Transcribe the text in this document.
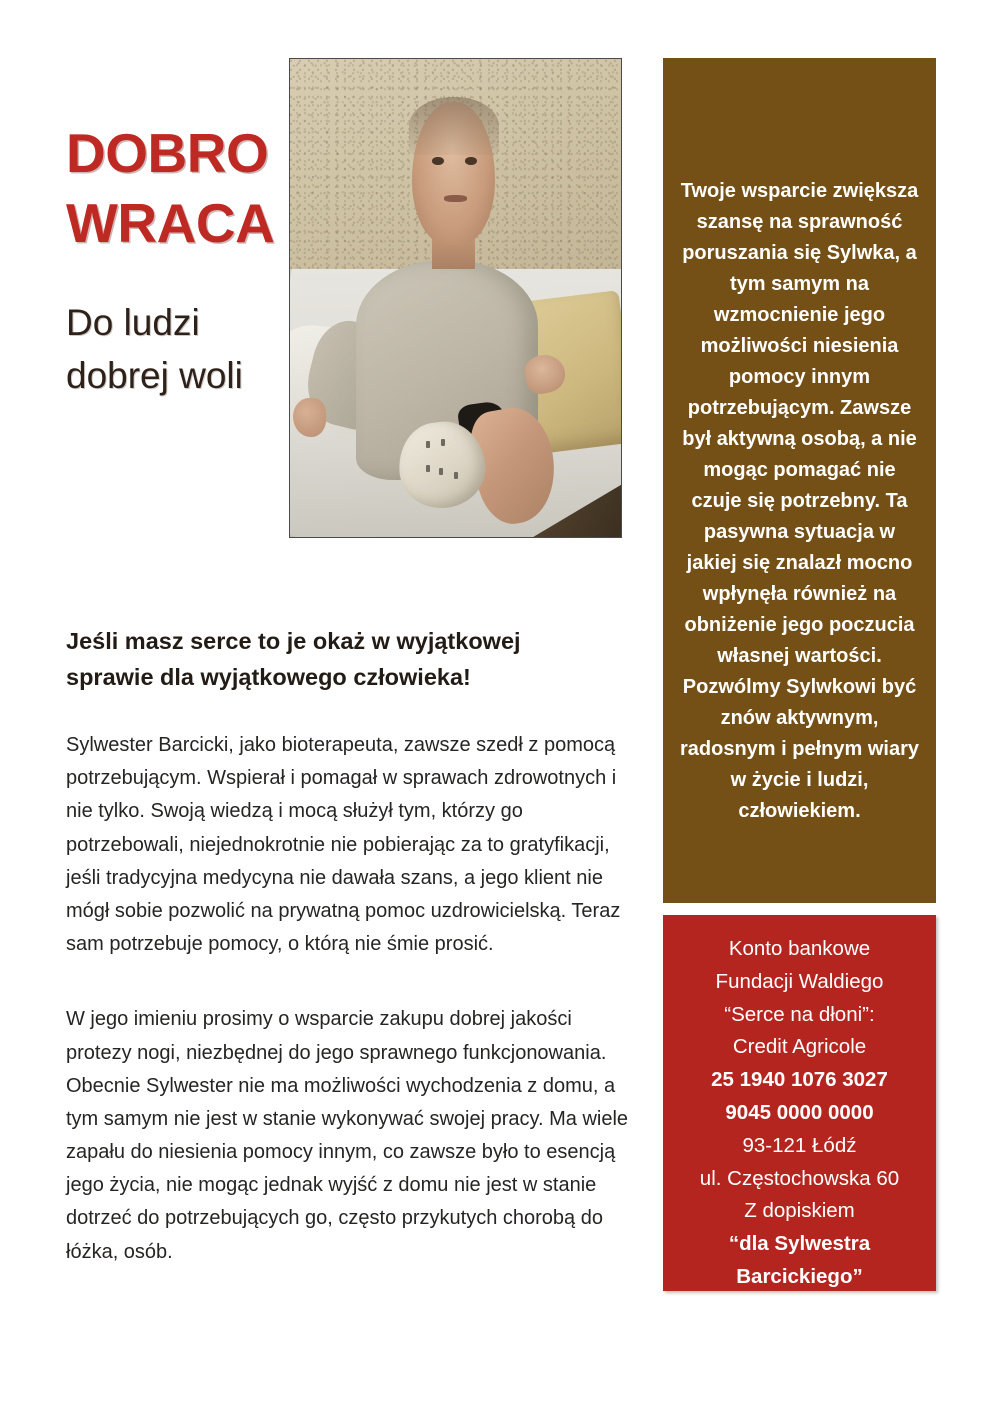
DOBRO
WRACA
Do ludzi dobrej woli
Jeśli masz serce to je okaż w wyjątkowej sprawie dla wyjątkowego człowieka!

Sylwester Barcicki, jako bioterapeuta, zawsze szedł z pomocą potrzebującym. Wspierał i pomagał w sprawach zdrowotnych i nie tylko. Swoją wiedzą i mocą służył tym, którzy go potrzebowali, niejednokrotnie nie pobierając za to gratyfikacji, jeśli tradycyjna medycyna nie dawała szans, a jego klient nie mógł sobie pozwolić na prywatną pomoc uzdrowicielską. Teraz sam potrzebuje pomocy, o którą nie śmie prosić.

W jego imieniu prosimy o wsparcie zakupu dobrej jakości protezy nogi, niezbędnej do jego sprawnego funkcjonowania. Obecnie Sylwester nie ma możliwości wychodzenia z domu, a tym samym nie jest w stanie wykonywać swojej pracy. Ma wiele zapału do niesienia pomocy innym, co zawsze było to esencją jego życia, nie mogąc jednak wyjść z domu nie jest w stanie dotrzeć do potrzebujących go, często przykutych chorobą do łóżka, osób.

Twoje wsparcie zwiększa szansę na sprawność poruszania się Sylwka, a tym samym na wzmocnienie jego możliwości niesienia pomocy innym potrzebującym. Zawsze był aktywną osobą, a nie mogąc pomagać nie czuje się potrzebny. Ta pasywna sytuacja w jakiej się znalazł mocno wpłynęła również na obniżenie jego poczucia własnej wartości. Pozwólmy Sylwkowi być znów aktywnym, radosnym i pełnym wiary w życie i ludzi, człowiekiem.
Konto bankowe
Fundacji Waldiego
“Serce na dłoni”:
Credit Agricole
25 1940 1076 3027
9045 0000 0000
93-121 Łódź
ul. Częstochowska 60
Z dopiskiem
“dla Sylwestra
Barcickiego”
